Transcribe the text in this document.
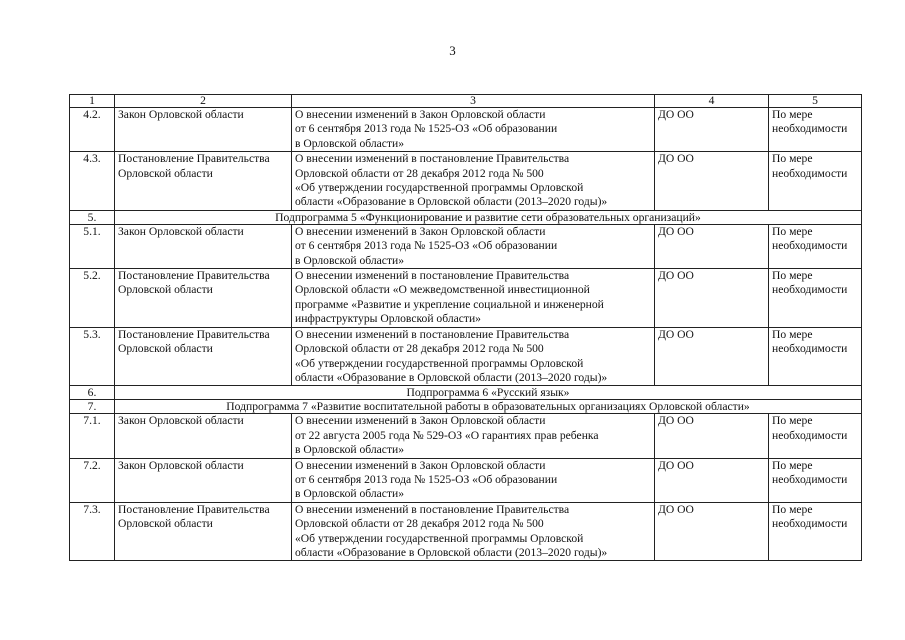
3
1	2	3	4	5
4.2.	Закон Орловской области	О внесении изменений в Закон Орловской области
от 6 сентября 2013 года № 1525-ОЗ «Об образовании
в Орловской области»	ДО ОО	По мере
необходимости
4.3.	Постановление Правительства Орловской области	О внесении изменений в постановление Правительства
Орловской области от 28 декабря 2012 года № 500
«Об утверждении государственной программы Орловской
области «Образование в Орловской области (2013–2020 годы)»	ДО ОО	По мере
необходимости
5.	Подпрограмма 5 «Функционирование и развитие сети образовательных организаций»			
5.1.	Закон Орловской области	О внесении изменений в Закон Орловской области
от 6 сентября 2013 года № 1525-ОЗ «Об образовании
в Орловской области»	ДО ОО	По мере
необходимости
5.2.	Постановление Правительства Орловской области	О внесении изменений в постановление Правительства
Орловской области «О межведомственной инвестиционной
программе «Развитие и укрепление социальной и инженерной
инфраструктуры Орловской области»	ДО ОО	По мере
необходимости
5.3.	Постановление Правительства Орловской области	О внесении изменений в постановление Правительства
Орловской области от 28 декабря 2012 года № 500
«Об утверждении государственной программы Орловской
области «Образование в Орловской области (2013–2020 годы)»	ДО ОО	По мере
необходимости
6.	Подпрограмма 6 «Русский язык»			
7.	Подпрограмма 7 «Развитие воспитательной работы в образовательных организациях Орловской области»			
7.1.	Закон Орловской области	О внесении изменений в Закон Орловской области
от 22 августа 2005 года № 529-ОЗ «О гарантиях прав ребенка
в Орловской области»	ДО ОО	По мере
необходимости
7.2.	Закон Орловской области	О внесении изменений в Закон Орловской области
от 6 сентября 2013 года № 1525-ОЗ «Об образовании
в Орловской области»	ДО ОО	По мере
необходимости
7.3.	Постановление Правительства Орловской области	О внесении изменений в постановление Правительства
Орловской области от 28 декабря 2012 года № 500
«Об утверждении государственной программы Орловской
области «Образование в Орловской области (2013–2020 годы)»	ДО ОО	По мере
необходимости
